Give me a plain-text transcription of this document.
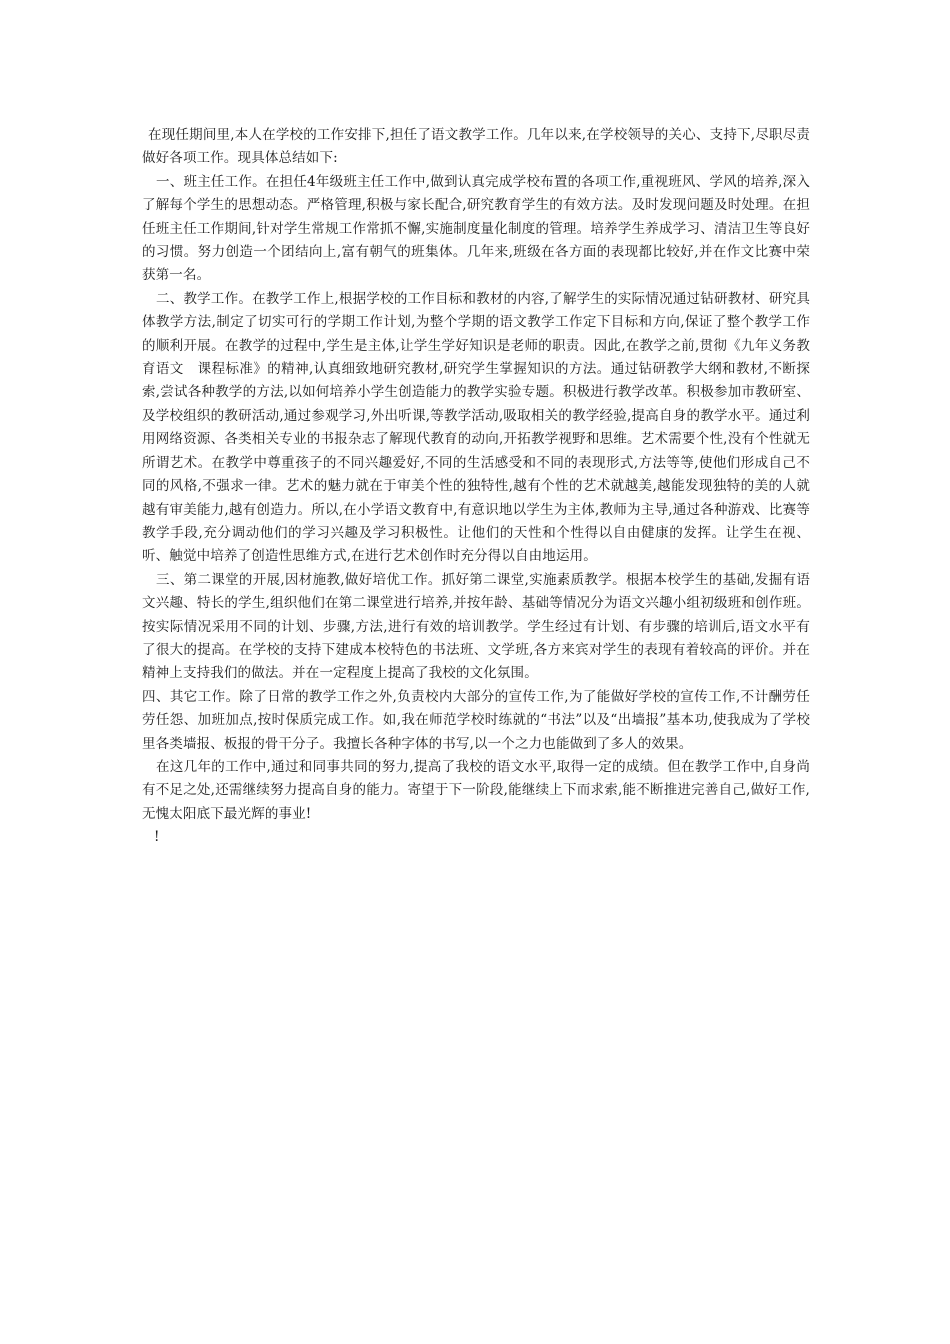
在现任期间里,本人在学校的工作安排下,担任了语文教学工作。几年以来,在学校领导的关心、支持下,尽职尽责做好各项工作。现具体总结如下:

一、班主任工作。在担任4年级班主任工作中,做到认真完成学校布置的各项工作,重视班风、学风的培养,深入了解每个学生的思想动态。严格管理,积极与家长配合,研究教育学生的有效方法。及时发现问题及时处理。在担任班主任工作期间,针对学生常规工作常抓不懈,实施制度量化制度的管理。培养学生养成学习、清洁卫生等良好的习惯。努力创造一个团结向上,富有朝气的班集体。几年来,班级在各方面的表现都比较好,并在作文比赛中荣获第一名。

二、教学工作。在教学工作上,根据学校的工作目标和教材的内容,了解学生的实际情况通过钻研教材、研究具体教学方法,制定了切实可行的学期工作计划,为整个学期的语文教学工作定下目标和方向,保证了整个教学工作的顺利开展。在教学的过程中,学生是主体,让学生学好知识是老师的职责。因此,在教学之前,贯彻《九年义务教育语文　课程标准》的精神,认真细致地研究教材,研究学生掌握知识的方法。通过钻研教学大纲和教材,不断探索,尝试各种教学的方法,以如何培养小学生创造能力的教学实验专题。积极进行教学改革。积极参加市教研室、及学校组织的教研活动,通过参观学习,外出听课,等教学活动,吸取相关的教学经验,提高自身的教学水平。通过利用网络资源、各类相关专业的书报杂志了解现代教育的动向,开拓教学视野和思维。艺术需要个性,没有个性就无所谓艺术。在教学中尊重孩子的不同兴趣爱好,不同的生活感受和不同的表现形式,方法等等,使他们形成自己不同的风格,不强求一律。艺术的魅力就在于审美个性的独特性,越有个性的艺术就越美,越能发现独特的美的人就越有审美能力,越有创造力。所以,在小学语文教育中,有意识地以学生为主体,教师为主导,通过各种游戏、比赛等教学手段,充分调动他们的学习兴趣及学习积极性。让他们的天性和个性得以自由健康的发挥。让学生在视、听、触觉中培养了创造性思维方式,在进行艺术创作时充分得以自由地运用。

三、第二课堂的开展,因材施教,做好培优工作。抓好第二课堂,实施素质教学。根据本校学生的基础,发掘有语文兴趣、特长的学生,组织他们在第二课堂进行培养,并按年龄、基础等情况分为语文兴趣小组初级班和创作班。按实际情况采用不同的计划、步骤,方法,进行有效的培训教学。学生经过有计划、有步骤的培训后,语文水平有了很大的提高。在学校的支持下建成本校特色的书法班、文学班,各方来宾对学生的表现有着较高的评价。并在精神上支持我们的做法。并在一定程度上提高了我校的文化氛围。

四、其它工作。除了日常的教学工作之外,负责校内大部分的宣传工作,为了能做好学校的宣传工作,不计酬劳任劳任怨、加班加点,按时保质完成工作。如,我在师范学校时练就的“书法”以及“出墙报”基本功,使我成为了学校里各类墙报、板报的骨干分子。我擅长各种字体的书写,以一个之力也能做到了多人的效果。

在这几年的工作中,通过和同事共同的努力,提高了我校的语文水平,取得一定的成绩。但在教学工作中,自身尚有不足之处,还需继续努力提高自身的能力。寄望于下一阶段,能继续上下而求索,能不断推进完善自己,做好工作,无愧太阳底下最光辉的事业!

!
